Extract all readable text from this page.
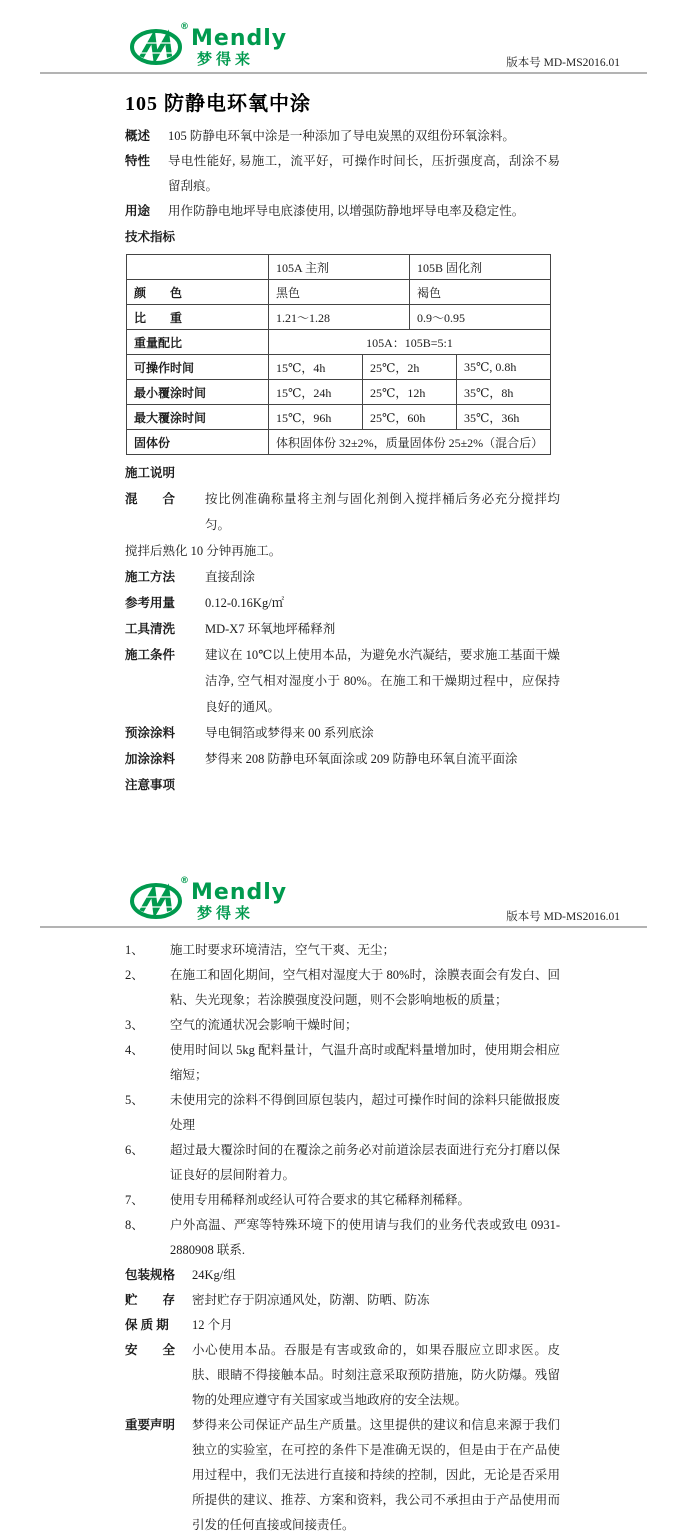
® Mendly
梦得来	版本号 MD-MS2016.01
105 防静电环氧中涂
概述	105 防静电环氧中涂是一种添加了导电炭黑的双组份环氧涂料。
特性	导电性能好, 易施工，流平好，可操作时间长，压折强度高，刮涂不易留刮痕。
用途	用作防静电地坪导电底漆使用, 以增强防静地坪导电率及稳定性。
技术指标
	105A 主剂		105B 固化剂	
颜　　色	黑色		褐色	
比　　重	1.21～1.28		0.9～0.95	
重量配比	105A：105B=5:1			
可操作时间	15℃，4h	25℃，2h		35℃, 0.8h
最小覆涂时间	15℃，24h	25℃，12h		35℃，8h
最大覆涂时间	15℃，96h	25℃，60h		35℃，36h
固体份	体积固体份 32±2%，质量固体份 25±2%（混合后）			
施工说明
混　　合	按比例准确称量将主剂与固化剂倒入搅拌桶后务必充分搅拌均匀。
搅拌后熟化 10 分钟再施工。
施工方法	直接刮涂
参考用量	0.12-0.16Kg/㎡
工具清洗	MD-X7 环氧地坪稀释剂
施工条件	建议在 10℃以上使用本品，为避免水汽凝结，要求施工基面干燥洁净, 空气相对湿度小于 80%。在施工和干燥期过程中，应保持良好的通风。
预涂涂料	导电铜箔或梦得来 00 系列底涂
加涂涂料	梦得来 208 防静电环氧面涂或 209 防静电环氧自流平面涂
注意事项
® Mendly
梦得来	版本号 MD-MS2016.01
1、	施工时要求环境清洁，空气干爽、无尘；
2、	在施工和固化期间，空气相对湿度大于 80%时，涂膜表面会有发白、回粘、失光现象；若涂膜强度没问题，则不会影响地板的质量；
3、	空气的流通状况会影响干燥时间；
4、	使用时间以 5kg 配料量计，气温升高时或配料量增加时，使用期会相应缩短；
5、	未使用完的涂料不得倒回原包装内，超过可操作时间的涂料只能做报废处理
6、	超过最大覆涂时间的在覆涂之前务必对前道涂层表面进行充分打磨以保证良好的层间附着力。
7、	使用专用稀释剂或经认可符合要求的其它稀释剂稀释。
8、	户外高温、严寒等特殊环境下的使用请与我们的业务代表或致电 0931-2880908 联系.
包装规格	24Kg/组
贮　　存	密封贮存于阴凉通风处，防潮、防晒、防冻
保 质 期	12 个月
安　　全	小心使用本品。吞服是有害或致命的，如果吞服应立即求医。皮肤、眼睛不得接触本品。时刻注意采取预防措施，防火防爆。残留物的处理应遵守有关国家或当地政府的安全法规。
重要声明	梦得来公司保证产品生产质量。这里提供的建议和信息来源于我们独立的实验室，在可控的条件下是准确无误的，但是由于在产品使用过程中，我们无法进行直接和持续的控制，因此，无论是否采用所提供的建议、推荐、方案和资料，我公司不承担由于产品使用而引发的任何直接或间接责任。
